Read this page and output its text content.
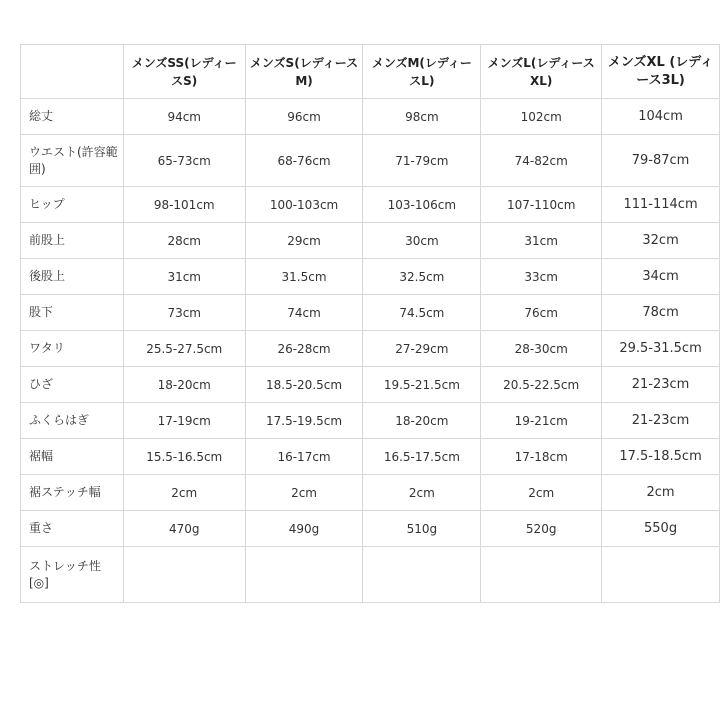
	メンズSS(レディースS)	メンズS(レディースM)	メンズM(レディースL)	メンズL(レディースXL)	メンズXL (レディース3L)
総丈	94cm	96cm	98cm	102cm	104cm
ウエスト(許容範囲)	65-73cm	68-76cm	71-79cm	74-82cm	79-87cm
ヒップ	98-101cm	100-103cm	103-106cm	107-110cm	111-114cm
前股上	28cm	29cm	30cm	31cm	32cm
後股上	31cm	31.5cm	32.5cm	33cm	34cm
股下	73cm	74cm	74.5cm	76cm	78cm
ワタリ	25.5-27.5cm	26-28cm	27-29cm	28-30cm	29.5-31.5cm
ひざ	18-20cm	18.5-20.5cm	19.5-21.5cm	20.5-22.5cm	21-23cm
ふくらはぎ	17-19cm	17.5-19.5cm	18-20cm	19-21cm	21-23cm
裾幅	15.5-16.5cm	16-17cm	16.5-17.5cm	17-18cm	17.5-18.5cm
裾ステッチ幅	2cm	2cm	2cm	2cm	2cm
重さ	470g	490g	510g	520g	550g
ストレッチ性 [◎]					
